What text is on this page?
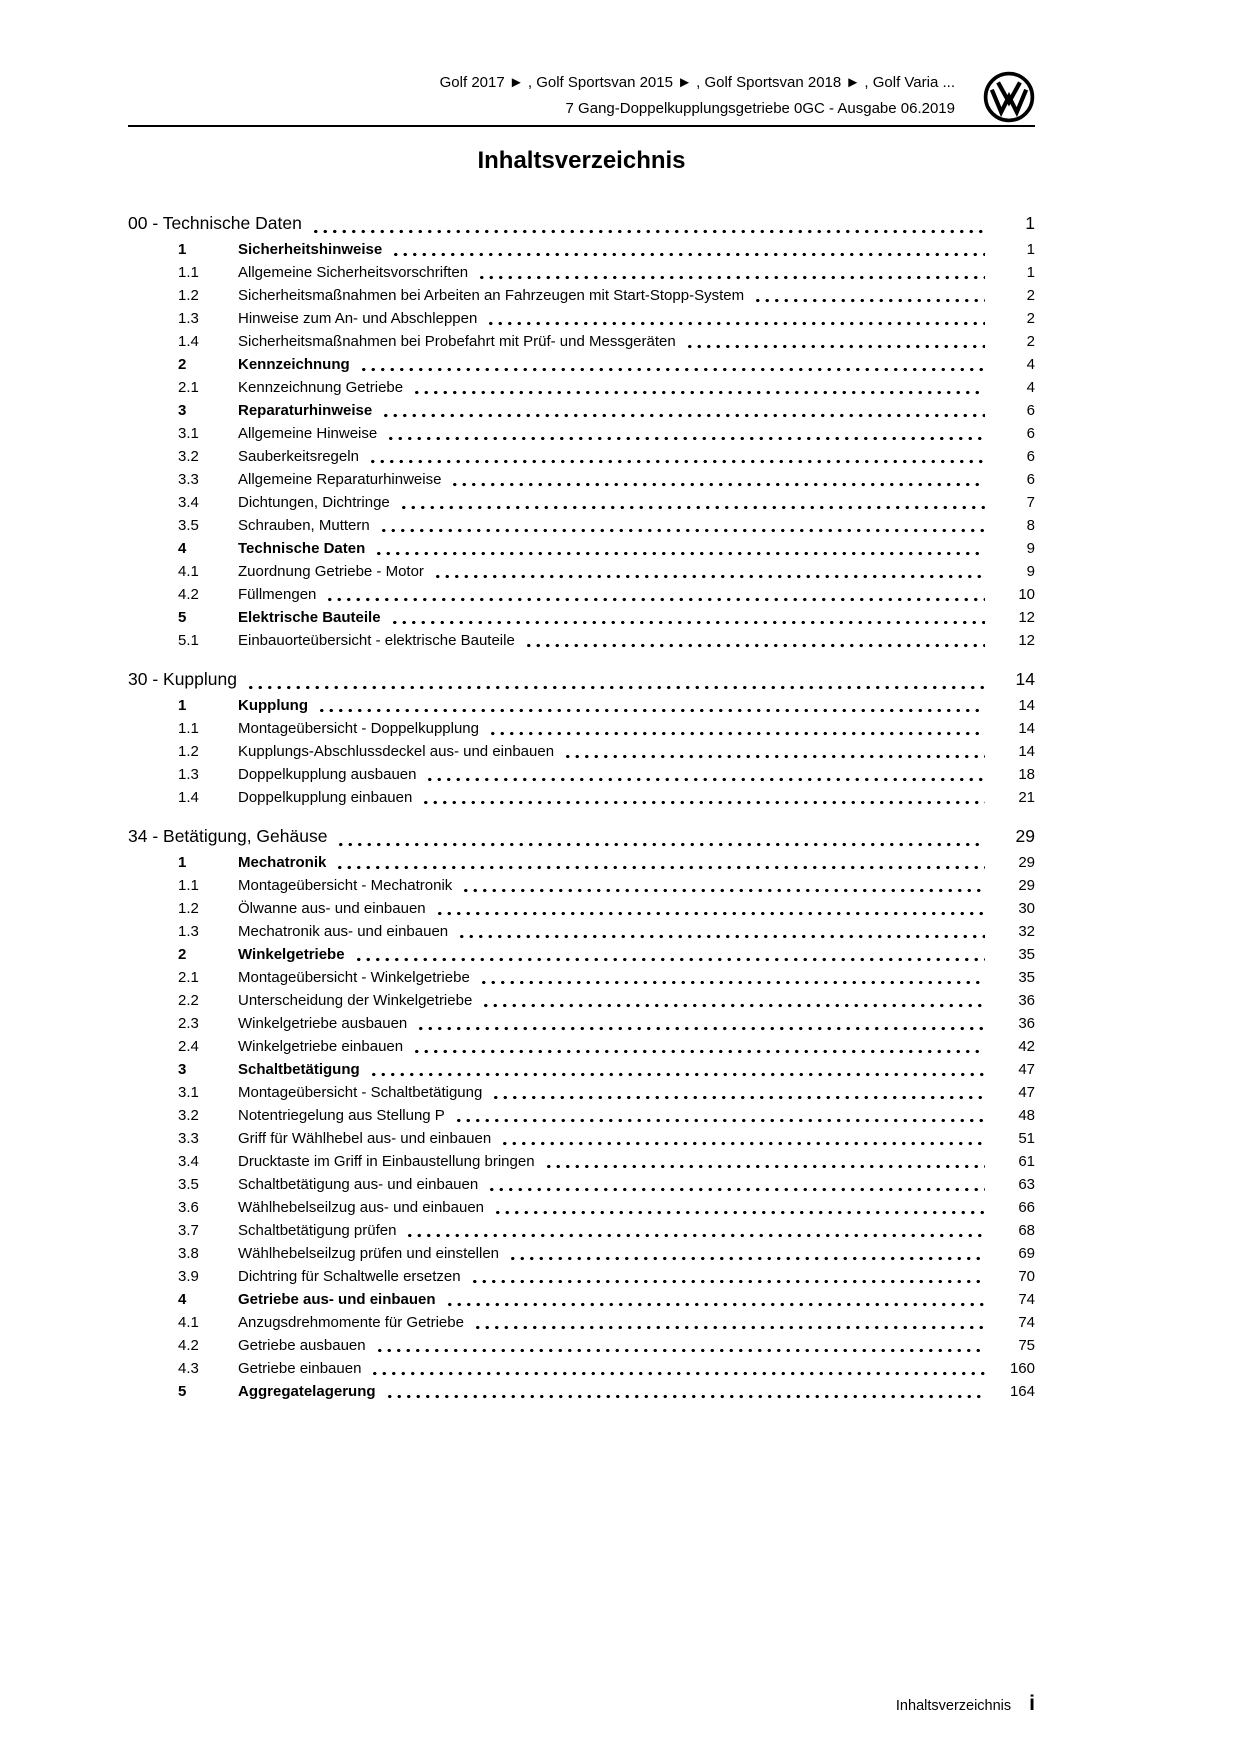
Golf 2017 ► , Golf Sportsvan 2015 ► , Golf Sportsvan 2018 ► , Golf Varia ...
7 Gang-Doppelkupplungsgetriebe 0GC - Ausgabe 06.2019
Inhaltsverzeichnis
00 - Technische Daten	1
1	Sicherheitshinweise	1
1.1	Allgemeine Sicherheitsvorschriften	1
1.2	Sicherheitsmaßnahmen bei Arbeiten an Fahrzeugen mit Start-Stopp-System	2
1.3	Hinweise zum An- und Abschleppen	2
1.4	Sicherheitsmaßnahmen bei Probefahrt mit Prüf- und Messgeräten	2
2	Kennzeichnung	4
2.1	Kennzeichnung Getriebe	4
3	Reparaturhinweise	6
3.1	Allgemeine Hinweise	6
3.2	Sauberkeitsregeln	6
3.3	Allgemeine Reparaturhinweise	6
3.4	Dichtungen, Dichtringe	7
3.5	Schrauben, Muttern	8
4	Technische Daten	9
4.1	Zuordnung Getriebe - Motor	9
4.2	Füllmengen	10
5	Elektrische Bauteile	12
5.1	Einbauorteübersicht - elektrische Bauteile	12
30 - Kupplung	14
1	Kupplung	14
1.1	Montageübersicht - Doppelkupplung	14
1.2	Kupplungs-Abschlussdeckel aus- und einbauen	14
1.3	Doppelkupplung ausbauen	18
1.4	Doppelkupplung einbauen	21
34 - Betätigung, Gehäuse	29
1	Mechatronik	29
1.1	Montageübersicht - Mechatronik	29
1.2	Ölwanne aus- und einbauen	30
1.3	Mechatronik aus- und einbauen	32
2	Winkelgetriebe	35
2.1	Montageübersicht - Winkelgetriebe	35
2.2	Unterscheidung der Winkelgetriebe	36
2.3	Winkelgetriebe ausbauen	36
2.4	Winkelgetriebe einbauen	42
3	Schaltbetätigung	47
3.1	Montageübersicht - Schaltbetätigung	47
3.2	Notentriegelung aus Stellung P	48
3.3	Griff für Wählhebel aus- und einbauen	51
3.4	Drucktaste im Griff in Einbaustellung bringen	61
3.5	Schaltbetätigung aus- und einbauen	63
3.6	Wählhebelseilzug aus- und einbauen	66
3.7	Schaltbetätigung prüfen	68
3.8	Wählhebelseilzug prüfen und einstellen	69
3.9	Dichtring für Schaltwelle ersetzen	70
4	Getriebe aus- und einbauen	74
4.1	Anzugsdrehmomente für Getriebe	74
4.2	Getriebe ausbauen	75
4.3	Getriebe einbauen	160
5	Aggregatelagerung	164
Inhaltsverzeichnis i
